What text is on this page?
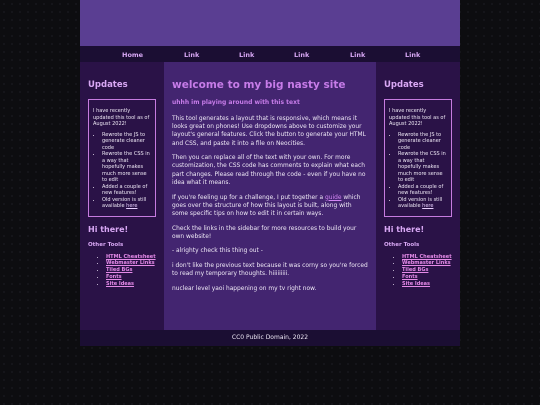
Home	Link	Link	Link	Link	Link
Updates
I have recently updated this tool as of August 2022!
• Rewrote the JS to generate cleaner code
• Rewrote the CSS in a way that hopefully makes much more sense to edit
• Added a couple of new features!
• Old version is still available here
Hi there!
Other Tools
• HTML Cheatsheet
• Webmaster Links
• Tiled BGs
• Fonts
• Site Ideas
welcome to my big nasty site
uhhh im playing around with this text

This tool generates a layout that is responsive, which means it looks great on phones! Use dropdowns above to customize your layout's general features. Click the button to generate your HTML and CSS, and paste it into a file on Neocities.

Then you can replace all of the text with your own. For more customization, the CSS code has comments to explain what each part changes. Please read through the code - even if you have no idea what it means.

If you're feeling up for a challenge, I put together a guide which goes over the structure of how this layout is built, along with some specific tips on how to edit it in certain ways.

Check the links in the sidebar for more resources to build your own website!

- alrighty check this thing out -

i don't like the previous text because it was corny so you're forced to read my temporary thoughts. hiiiiiiiii.

nuclear level yaoi happening on my tv right now.

Updates
I have recently updated this tool as of August 2022!
• Rewrote the JS to generate cleaner code
• Rewrote the CSS in a way that hopefully makes much more sense to edit
• Added a couple of new features!
• Old version is still available here
Hi there!
Other Tools
• HTML Cheatsheet
• Webmaster Links
• Tiled BGs
• Fonts
• Site Ideas
CC0 Public Domain, 2022
